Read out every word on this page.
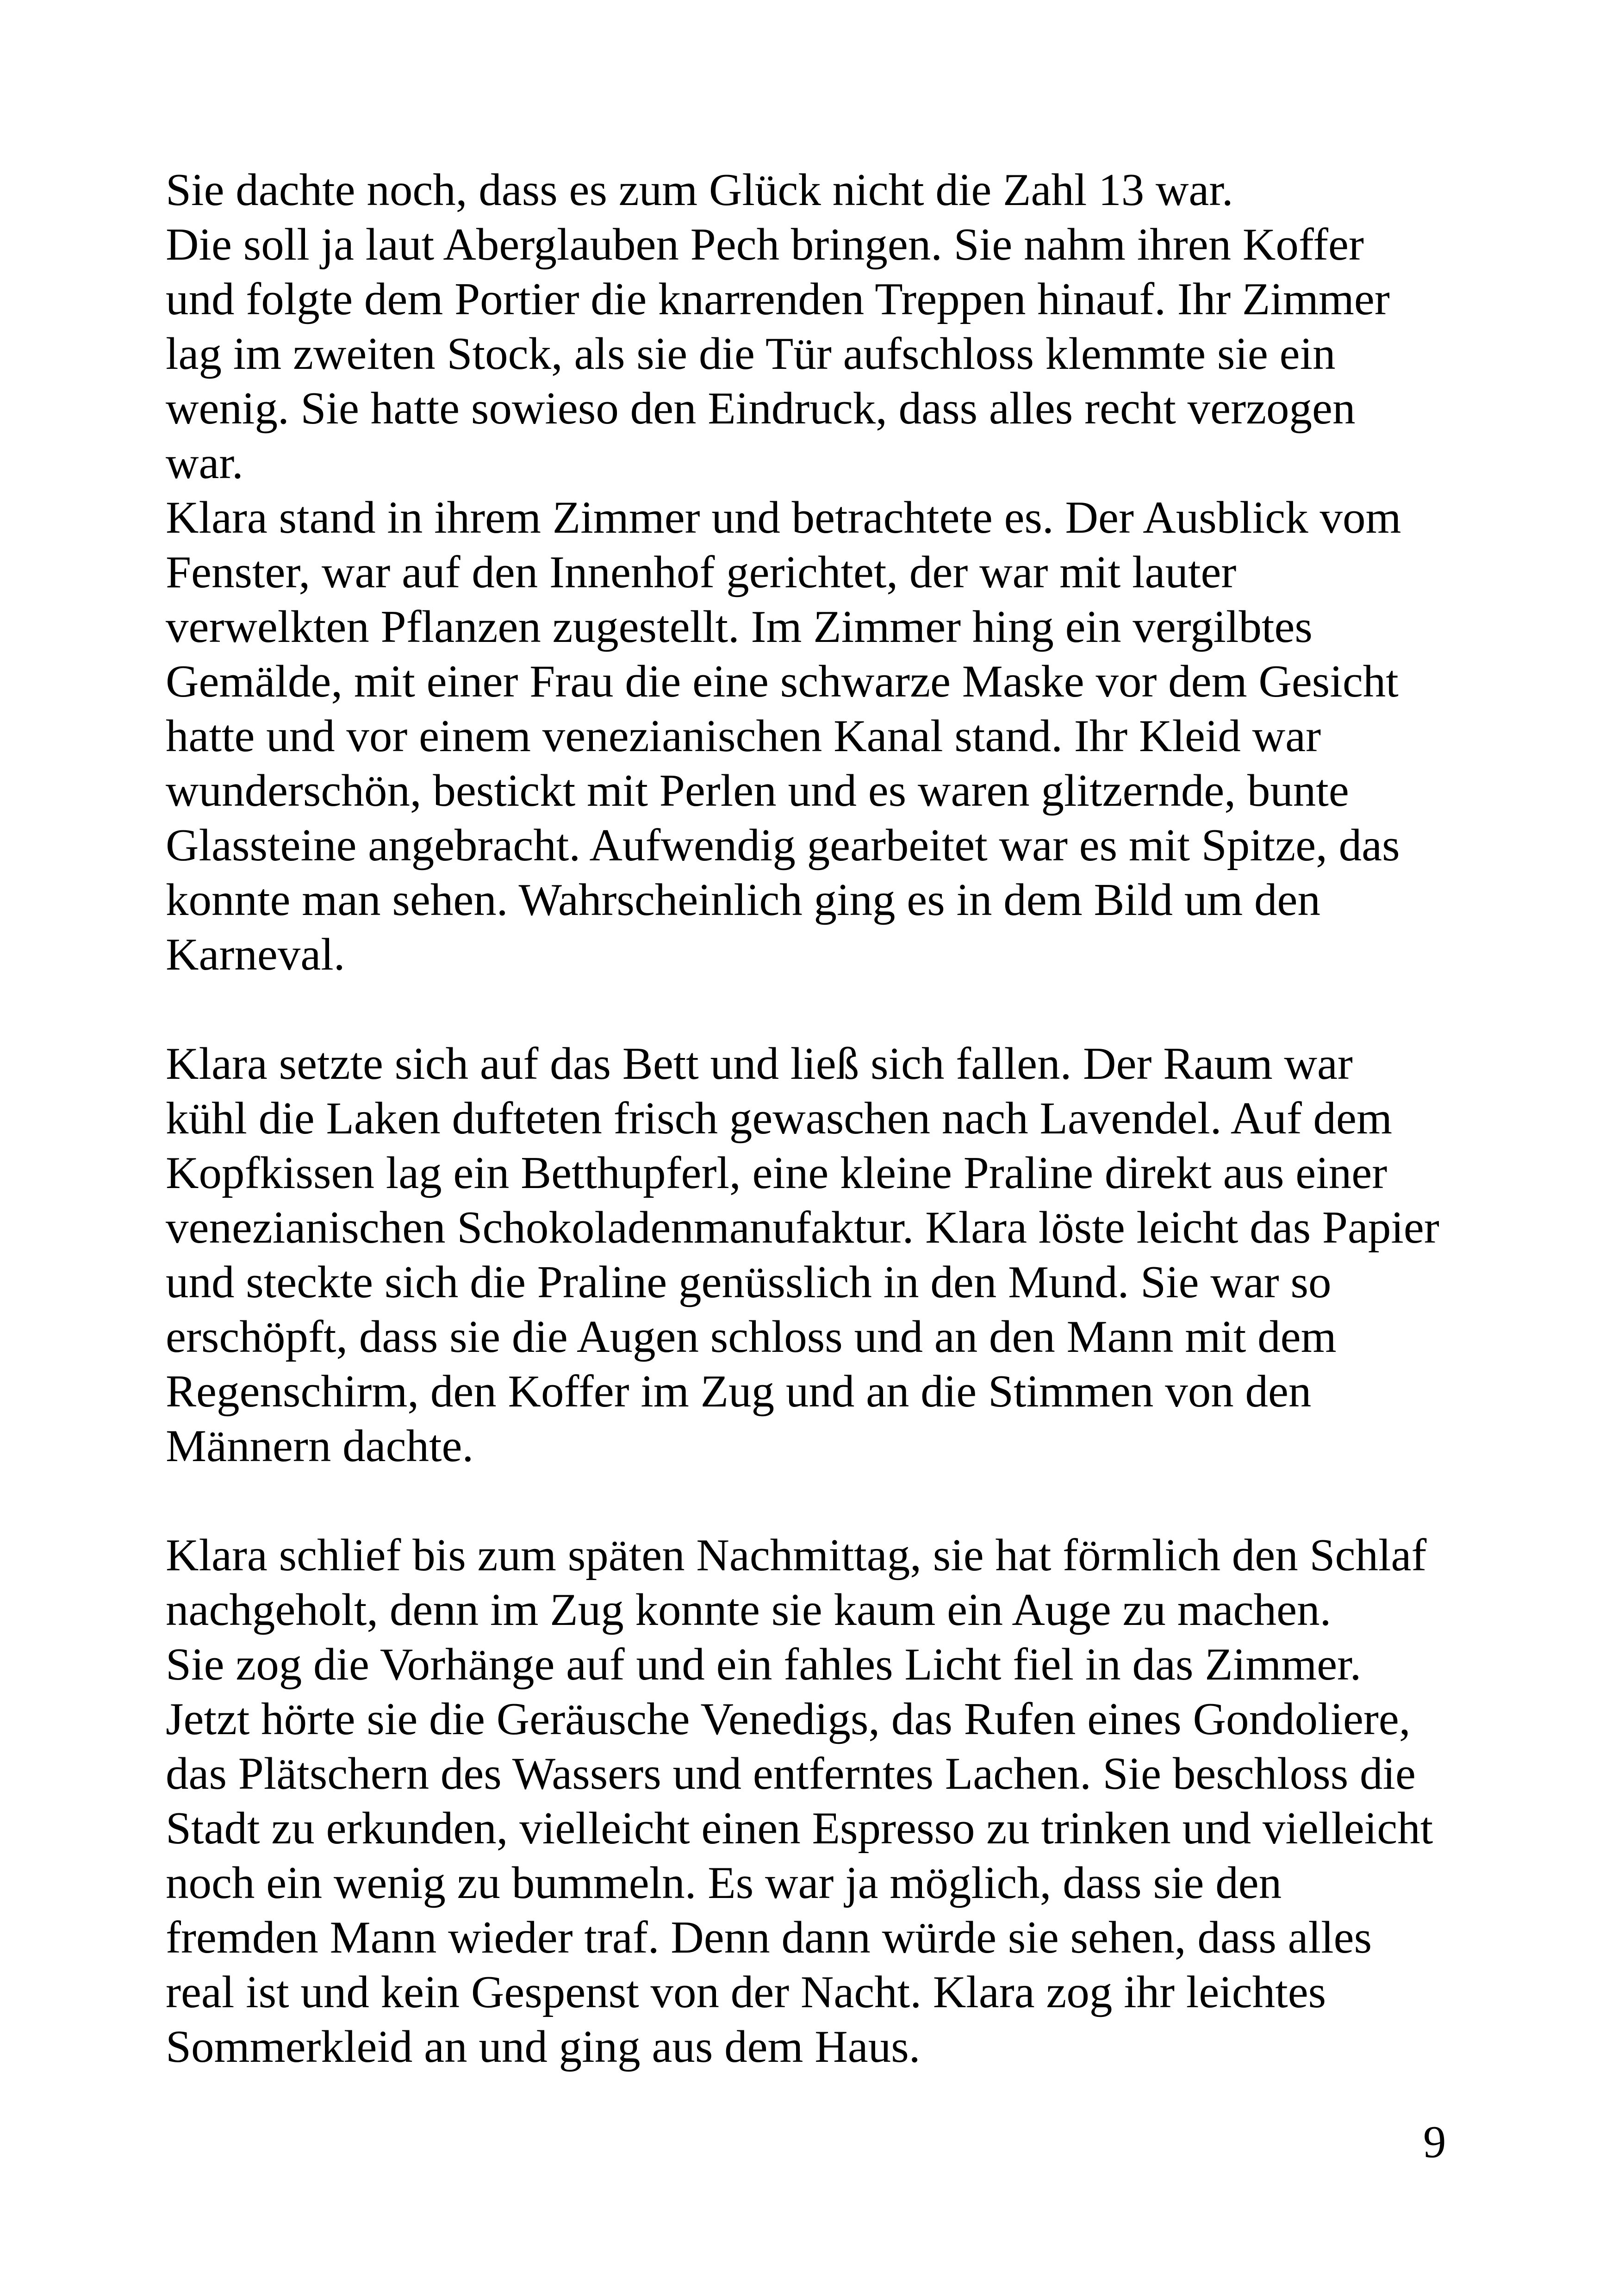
Sie dachte noch, dass es zum Glück nicht die Zahl 13 war.
Die soll ja laut Aberglauben Pech bringen. Sie nahm ihren Koffer
und folgte dem Portier die knarrenden Treppen hinauf. Ihr Zimmer
lag im zweiten Stock, als sie die Tür aufschloss klemmte sie ein
wenig. Sie hatte sowieso den Eindruck, dass alles recht verzogen
war.
Klara stand in ihrem Zimmer und betrachtete es. Der Ausblick vom
Fenster, war auf den Innenhof gerichtet, der war mit lauter
verwelkten Pflanzen zugestellt. Im Zimmer hing ein vergilbtes
Gemälde, mit einer Frau die eine schwarze Maske vor dem Gesicht
hatte und vor einem venezianischen Kanal stand. Ihr Kleid war
wunderschön, bestickt mit Perlen und es waren glitzernde, bunte
Glassteine angebracht. Aufwendig gearbeitet war es mit Spitze, das
konnte man sehen. Wahrscheinlich ging es in dem Bild um den
Karneval.
Klara setzte sich auf das Bett und ließ sich fallen. Der Raum war
kühl die Laken dufteten frisch gewaschen nach Lavendel. Auf dem
Kopfkissen lag ein Betthupferl, eine kleine Praline direkt aus einer
venezianischen Schokoladenmanufaktur. Klara löste leicht das Papier
und steckte sich die Praline genüsslich in den Mund. Sie war so
erschöpft, dass sie die Augen schloss und an den Mann mit dem
Regenschirm, den Koffer im Zug und an die Stimmen von den
Männern dachte.
Klara schlief bis zum späten Nachmittag, sie hat förmlich den Schlaf
nachgeholt, denn im Zug konnte sie kaum ein Auge zu machen.
Sie zog die Vorhänge auf und ein fahles Licht fiel in das Zimmer.
Jetzt hörte sie die Geräusche Venedigs, das Rufen eines Gondoliere,
das Plätschern des Wassers und entferntes Lachen. Sie beschloss die
Stadt zu erkunden, vielleicht einen Espresso zu trinken und vielleicht
noch ein wenig zu bummeln. Es war ja möglich, dass sie den
fremden Mann wieder traf. Denn dann würde sie sehen, dass alles
real ist und kein Gespenst von der Nacht. Klara zog ihr leichtes
Sommerkleid an und ging aus dem Haus.
9
